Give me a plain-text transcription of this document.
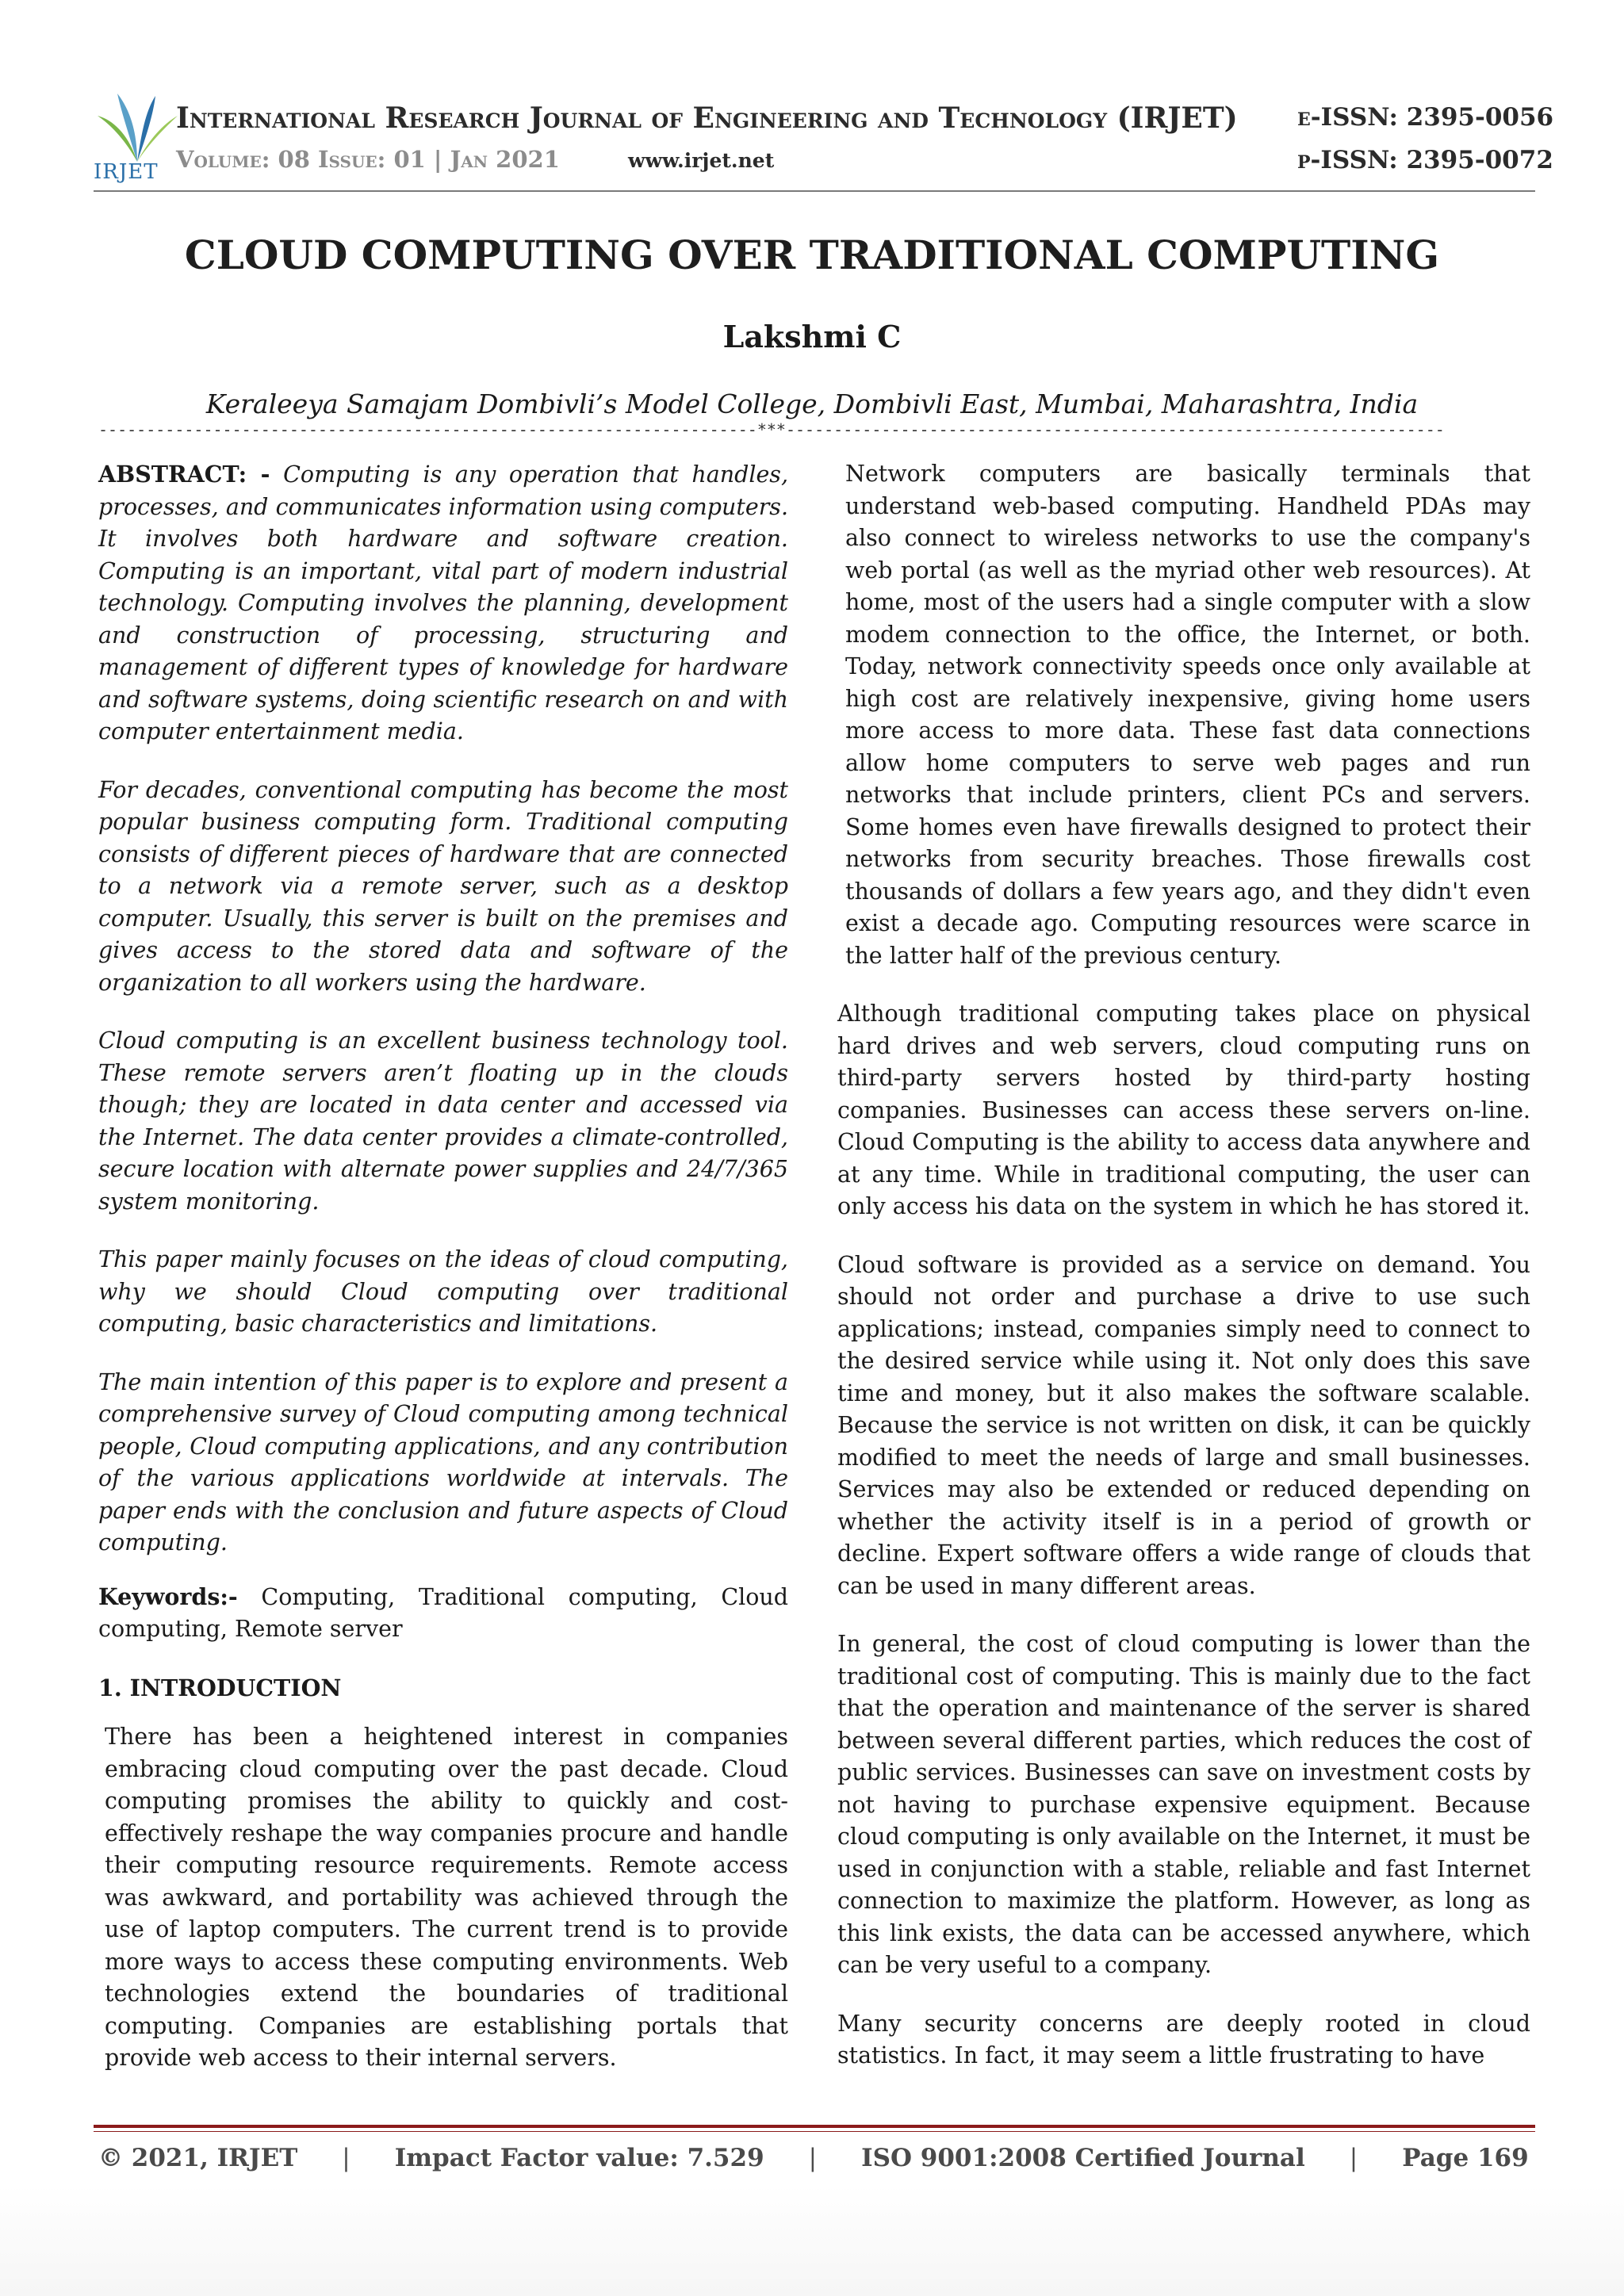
IRJET
International Research Journal of Engineering and Technology (IRJET) e-ISSN: 2395-0056
Volume: 08 Issue: 01 | Jan 2021	www.irjet.net	p-ISSN: 2395-0072
CLOUD COMPUTING OVER TRADITIONAL COMPUTING
Lakshmi C
Keraleeya Samajam Dombivli’s Model College, Dombivli East, Mumbai, Maharashtra, India
---------------------------------------------------------------------***---------------------------------------------------------------------

ABSTRACT: - Computing is any operation that handles, processes, and communicates information using computers. It involves both hardware and software creation. Computing is an important, vital part of modern industrial technology. Computing involves the planning, development and construction of processing, structuring and management of different types of knowledge for hardware and software systems, doing scientific research on and with computer entertainment media.

For decades, conventional computing has become the most popular business computing form. Traditional computing consists of different pieces of hardware that are connected to a network via a remote server, such as a desktop computer. Usually, this server is built on the premises and gives access to the stored data and software of the organization to all workers using the hardware.

Cloud computing is an excellent business technology tool. These remote servers aren’t floating up in the clouds though; they are located in data center and accessed via the Internet. The data center provides a climate-controlled, secure location with alternate power supplies and 24/7/365 system monitoring.

This paper mainly focuses on the ideas of cloud computing, why we should Cloud computing over traditional computing, basic characteristics and limitations.

The main intention of this paper is to explore and present a comprehensive survey of Cloud computing among technical people, Cloud computing applications, and any contribution of the various applications worldwide at intervals. The paper ends with the conclusion and future aspects of Cloud computing.

Keywords:- Computing, Traditional computing, Cloud computing, Remote server

1. INTRODUCTION

There has been a heightened interest in companies embracing cloud computing over the past decade. Cloud computing promises the ability to quickly and cost-effectively reshape the way companies procure and handle their computing resource requirements. Remote access was awkward, and portability was achieved through the use of laptop computers. The current trend is to provide more ways to access these computing environments. Web technologies extend the boundaries of traditional computing. Companies are establishing portals that provide web access to their internal servers.

Network computers are basically terminals that understand web-based computing. Handheld PDAs may also connect to wireless networks to use the company's web portal (as well as the myriad other web resources). At home, most of the users had a single computer with a slow modem connection to the office, the Internet, or both. Today, network connectivity speeds once only available at high cost are relatively inexpensive, giving home users more access to more data. These fast data connections allow home computers to serve web pages and run networks that include printers, client PCs and servers. Some homes even have firewalls designed to protect their networks from security breaches. Those firewalls cost thousands of dollars a few years ago, and they didn't even exist a decade ago. Computing resources were scarce in the latter half of the previous century.

Although traditional computing takes place on physical hard drives and web servers, cloud computing runs on third-party servers hosted by third-party hosting companies. Businesses can access these servers on-line. Cloud Computing is the ability to access data anywhere and at any time. While in traditional computing, the user can only access his data on the system in which he has stored it.

Cloud software is provided as a service on demand. You should not order and purchase a drive to use such applications; instead, companies simply need to connect to the desired service while using it. Not only does this save time and money, but it also makes the software scalable. Because the service is not written on disk, it can be quickly modified to meet the needs of large and small businesses. Services may also be extended or reduced depending on whether the activity itself is in a period of growth or decline. Expert software offers a wide range of clouds that can be used in many different areas.

In general, the cost of cloud computing is lower than the traditional cost of computing. This is mainly due to the fact that the operation and maintenance of the server is shared between several different parties, which reduces the cost of public services. Businesses can save on investment costs by not having to purchase expensive equipment. Because cloud computing is only available on the Internet, it must be used in conjunction with a stable, reliable and fast Internet connection to maximize the platform. However, as long as this link exists, the data can be accessed anywhere, which can be very useful to a company.

Many security concerns are deeply rooted in cloud statistics. In fact, it may seem a little frustrating to have

© 2021, IRJET | Impact Factor value: 7.529 | ISO 9001:2008 Certified Journal | Page 169
